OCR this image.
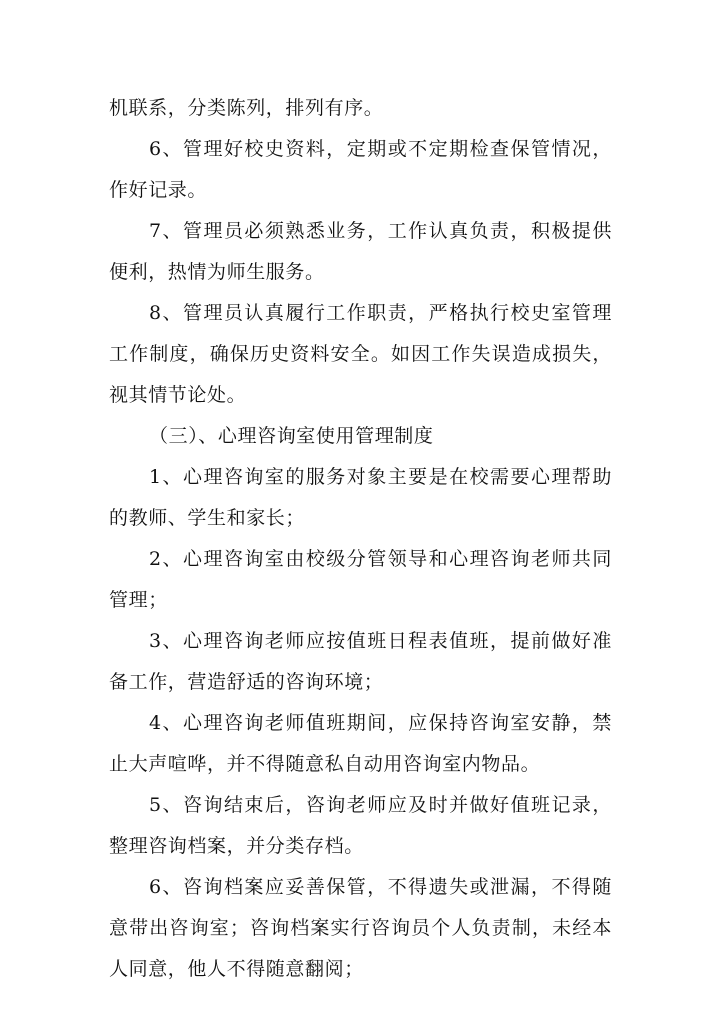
机联系，分类陈列，排列有序。

6、管理好校史资料，定期或不定期检查保管情况，作好记录。

7、管理员必须熟悉业务，工作认真负责，积极提供便利，热情为师生服务。

8、管理员认真履行工作职责，严格执行校史室管理工作制度，确保历史资料安全。如因工作失误造成损失，视其情节论处。

（三）、心理咨询室使用管理制度

1、心理咨询室的服务对象主要是在校需要心理帮助的教师、学生和家长；

2、心理咨询室由校级分管领导和心理咨询老师共同管理；

3、心理咨询老师应按值班日程表值班，提前做好准备工作，营造舒适的咨询环境；

4、心理咨询老师值班期间，应保持咨询室安静，禁止大声喧哗，并不得随意私自动用咨询室内物品。

5、咨询结束后，咨询老师应及时并做好值班记录，整理咨询档案，并分类存档。

6、咨询档案应妥善保管，不得遗失或泄漏，不得随意带出咨询室；咨询档案实行咨询员个人负责制，未经本人同意，他人不得随意翻阅；
